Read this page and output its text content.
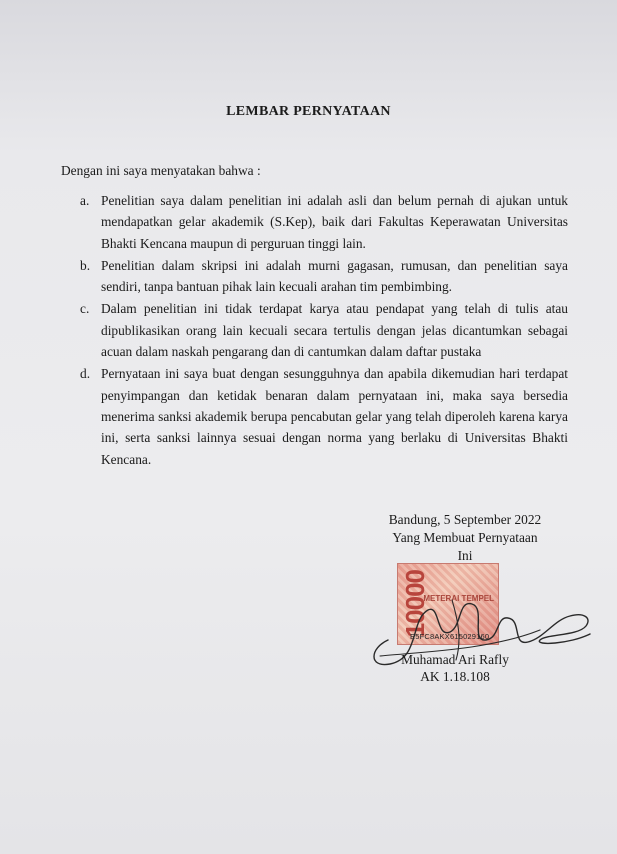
LEMBAR PERNYATAAN
Dengan ini saya menyatakan bahwa :
a. Penelitian saya dalam penelitian ini adalah asli dan belum pernah di ajukan untuk mendapatkan gelar akademik (S.Kep), baik dari Fakultas Keperawatan Universitas Bhakti Kencana maupun di perguruan tinggi lain.
b. Penelitian dalam skripsi ini adalah murni gagasan, rumusan, dan penelitian saya sendiri, tanpa bantuan pihak lain kecuali arahan tim pembimbing.
c. Dalam penelitian ini tidak terdapat karya atau pendapat yang telah di tulis atau dipublikasikan orang lain kecuali secara tertulis dengan jelas dicantumkan sebagai acuan dalam naskah pengarang dan di cantumkan dalam daftar pustaka
d. Pernyataan ini saya buat dengan sesungguhnya dan apabila dikemudian hari terdapat penyimpangan dan ketidak benaran dalam pernyataan ini, maka saya bersedia menerima sanksi akademik berupa pencabutan gelar yang telah diperoleh karena karya ini, serta sanksi lainnya sesuai dengan norma yang berlaku di Universitas Bhakti Kencana.
Bandung, 5 September 2022
Yang Membuat Pernyataan
Ini
10000
METERAI TEMPEL
E5FC8AKX615029160
Muhamad Ari Rafly
AK 1.18.108
